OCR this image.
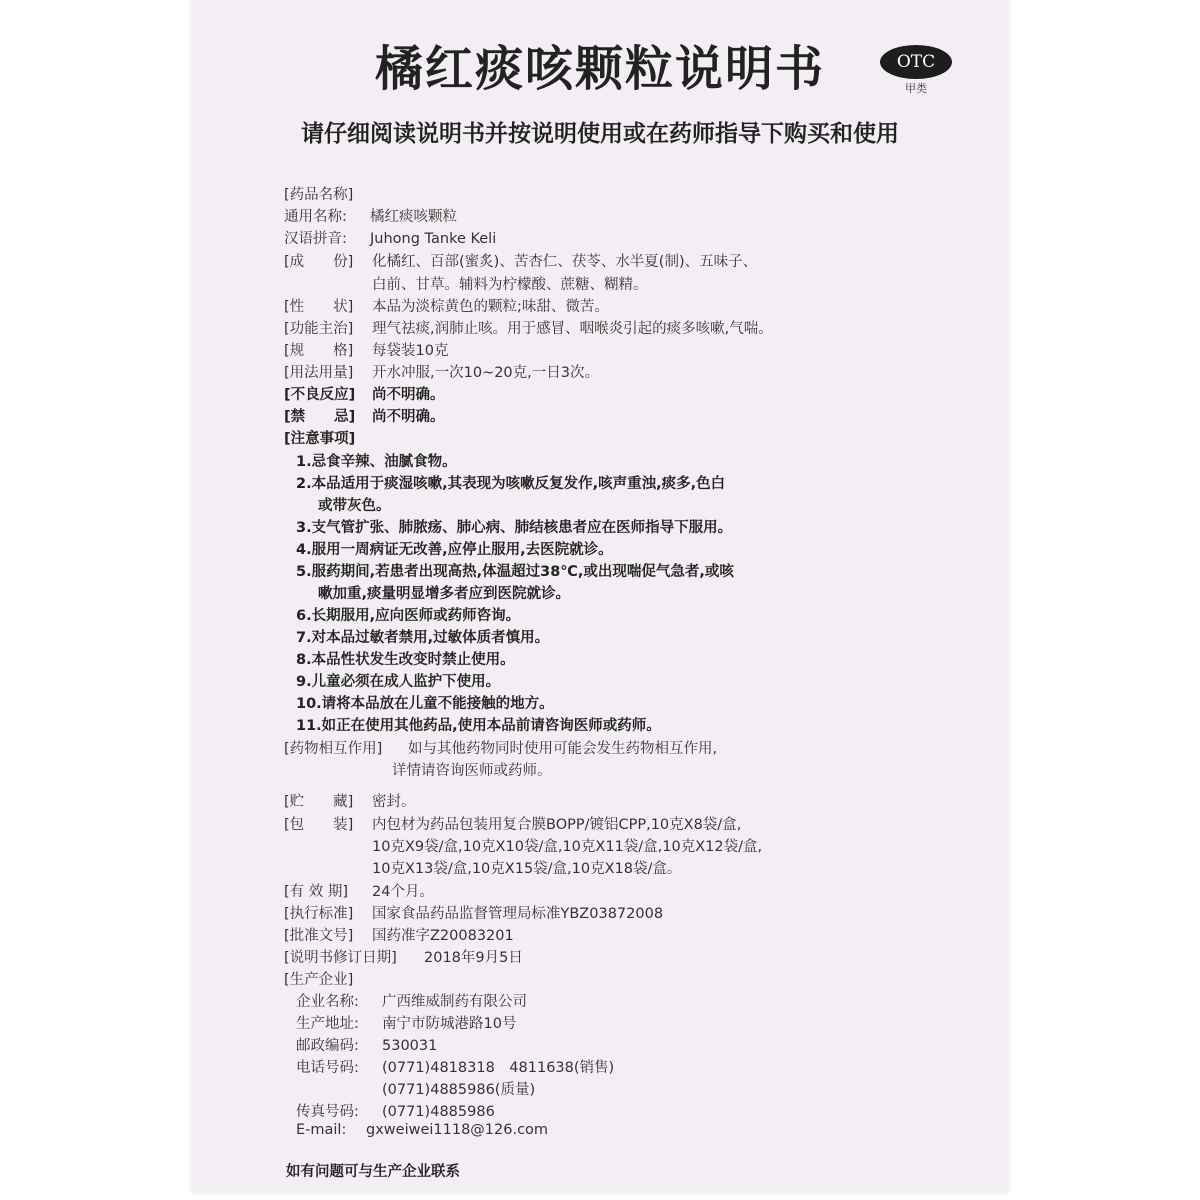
橘红痰咳颗粒说明书	OTC
甲类
请仔细阅读说明书并按说明使用或在药师指导下购买和使用
[药品名称]
通用名称: 橘红痰咳颗粒
汉语拼音: Juhong Tanke Keli
[成　　份] 化橘红、百部(蜜炙)、苦杏仁、茯苓、水半夏(制)、五味子、
白前、甘草。辅料为柠檬酸、蔗糖、糊精。
[性　　状] 本品为淡棕黄色的颗粒;味甜、微苦。
[功能主治] 理气祛痰,润肺止咳。用于感冒、咽喉炎引起的痰多咳嗽,气喘。
[规　　格] 每袋装10克
[用法用量] 开水冲服,一次10~20克,一日3次。
[不良反应] 尚不明确。
[禁　　忌] 尚不明确。
[注意事项]
1.忌食辛辣、油腻食物。
2.本品适用于痰湿咳嗽,其表现为咳嗽反复发作,咳声重浊,痰多,色白
或带灰色。
3.支气管扩张、肺脓疡、肺心病、肺结核患者应在医师指导下服用。
4.服用一周病证无改善,应停止服用,去医院就诊。
5.服药期间,若患者出现高热,体温超过38℃,或出现喘促气急者,或咳
嗽加重,痰量明显增多者应到医院就诊。
6.长期服用,应向医师或药师咨询。
7.对本品过敏者禁用,过敏体质者慎用。
8.本品性状发生改变时禁止使用。
9.儿童必须在成人监护下使用。
10.请将本品放在儿童不能接触的地方。
11.如正在使用其他药品,使用本品前请咨询医师或药师。
[药物相互作用] 如与其他药物同时使用可能会发生药物相互作用,
详情请咨询医师或药师。
[贮　　藏] 密封。
[包　　装] 内包材为药品包装用复合膜BOPP/镀铝CPP,10克X8袋/盒,
10克X9袋/盒,10克X10袋/盒,10克X11袋/盒,10克X12袋/盒,
10克X13袋/盒,10克X15袋/盒,10克X18袋/盒。
[有 效 期] 24个月。
[执行标准] 国家食品药品监督管理局标准YBZ03872008
[批准文号] 国药准字Z20083201
[说明书修订日期] 2018年9月5日
[生产企业]
企业名称: 广西维威制药有限公司
生产地址: 南宁市防城港路10号
邮政编码: 530031
电话号码: (0771)4818318　4811638(销售)
(0771)4885986(质量)
传真号码: (0771)4885986
E-mail: gxweiwei1118@126.com
如有问题可与生产企业联系
